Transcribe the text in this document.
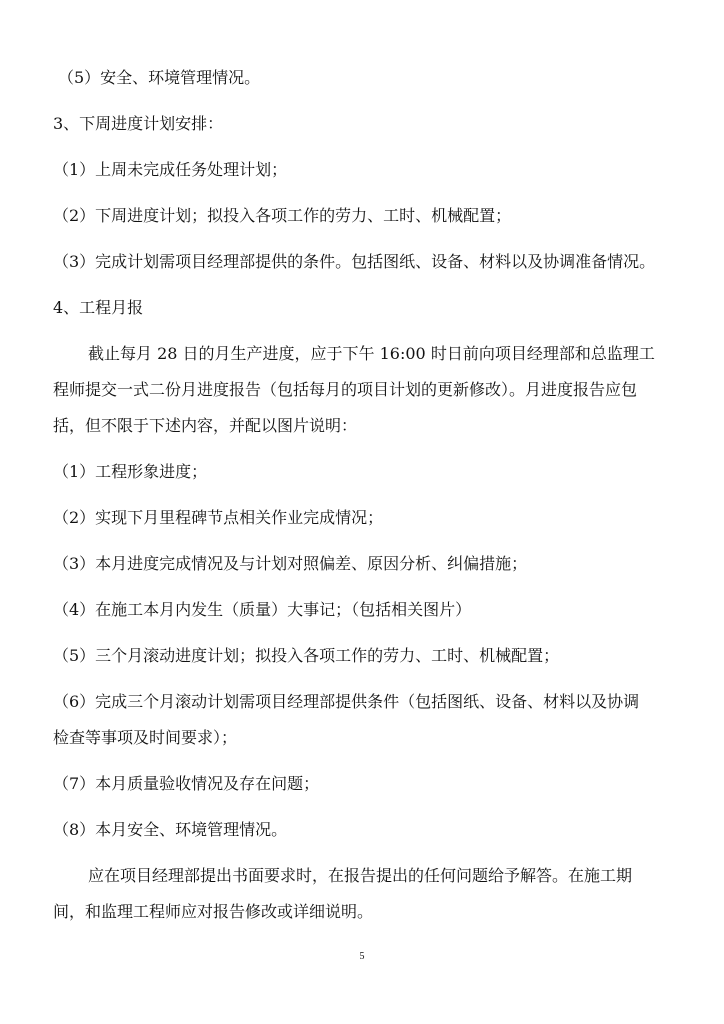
（5）安全、环境管理情况。
3、下周进度计划安排：
（1）上周未完成任务处理计划；
（2）下周进度计划；拟投入各项工作的劳力、工时、机械配置；
（3）完成计划需项目经理部提供的条件。包括图纸、设备、材料以及协调准备情况。
4、工程月报
截止每月 28 日的月生产进度，应于下午 16:00 时日前向项目经理部和总监理工
程师提交一式二份月进度报告（包括每月的项目计划的更新修改）。月进度报告应包
括，但不限于下述内容，并配以图片说明：
（1）工程形象进度；
（2）实现下月里程碑节点相关作业完成情况；
（3）本月进度完成情况及与计划对照偏差、原因分析、纠偏措施；
（4）在施工本月内发生（质量）大事记；（包括相关图片）
（5）三个月滚动进度计划；拟投入各项工作的劳力、工时、机械配置；
（6）完成三个月滚动计划需项目经理部提供条件（包括图纸、设备、材料以及协调
检查等事项及时间要求）；
（7）本月质量验收情况及存在问题；
（8）本月安全、环境管理情况。
应在项目经理部提出书面要求时，在报告提出的任何问题给予解答。在施工期
间，和监理工程师应对报告修改或详细说明。
5
